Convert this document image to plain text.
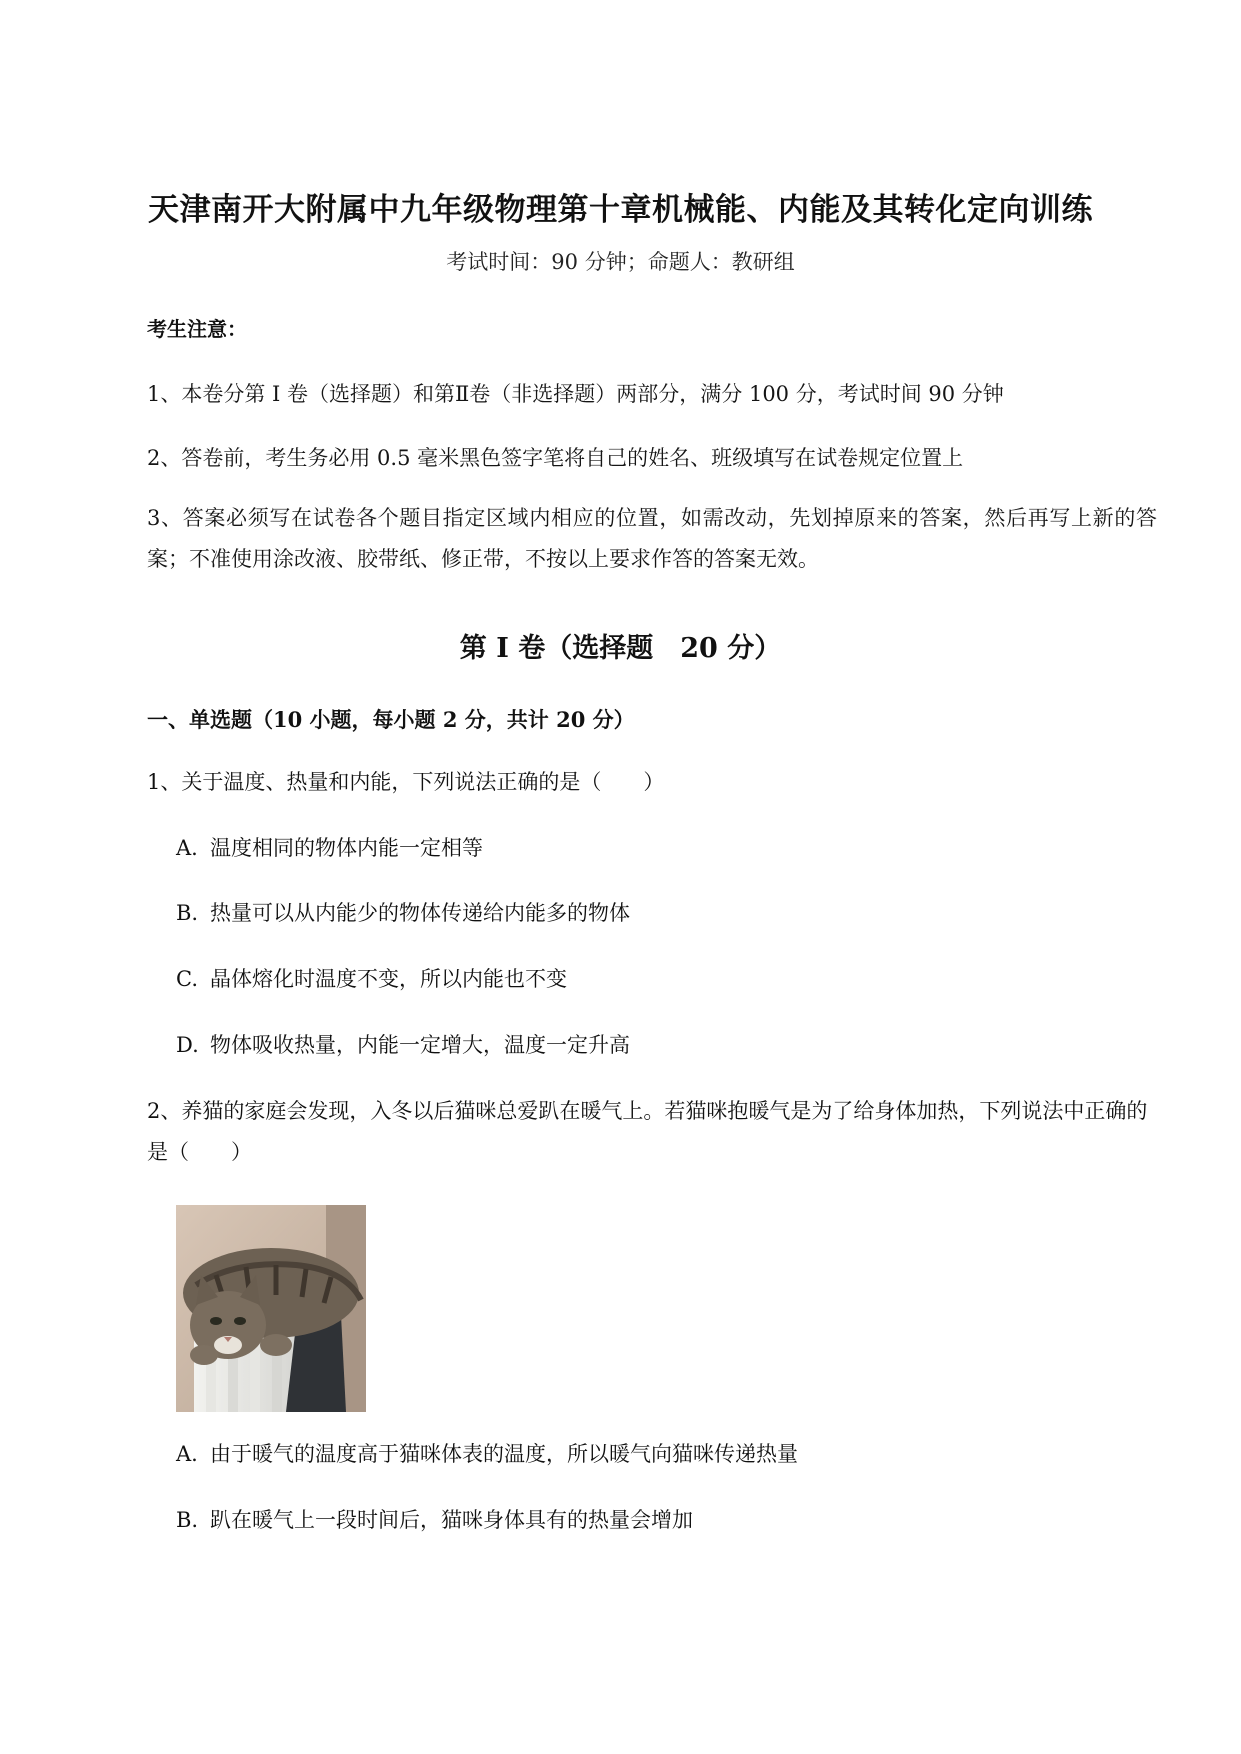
天津南开大附属中九年级物理第十章机械能、内能及其转化定向训练
考试时间：90 分钟；命题人：教研组
考生注意：
1、本卷分第 I 卷（选择题）和第Ⅱ卷（非选择题）两部分，满分 100 分，考试时间 90 分钟
2、答卷前，考生务必用 0.5 毫米黑色签字笔将自己的姓名、班级填写在试卷规定位置上
3、答案必须写在试卷各个题目指定区域内相应的位置，如需改动，先划掉原来的答案，然后再写上新的答案；不准使用涂改液、胶带纸、修正带，不按以上要求作答的答案无效。
第 I 卷（选择题　20 分）
一、单选题（10 小题，每小题 2 分，共计 20 分）
1、关于温度、热量和内能，下列说法正确的是（　　）
A. 温度相同的物体内能一定相等
B. 热量可以从内能少的物体传递给内能多的物体
C. 晶体熔化时温度不变，所以内能也不变
D. 物体吸收热量，内能一定增大，温度一定升高
2、养猫的家庭会发现，入冬以后猫咪总爱趴在暖气上。若猫咪抱暖气是为了给身体加热，下列说法中正确的是（　　）
A. 由于暖气的温度高于猫咪体表的温度，所以暖气向猫咪传递热量
B. 趴在暖气上一段时间后，猫咪身体具有的热量会增加
